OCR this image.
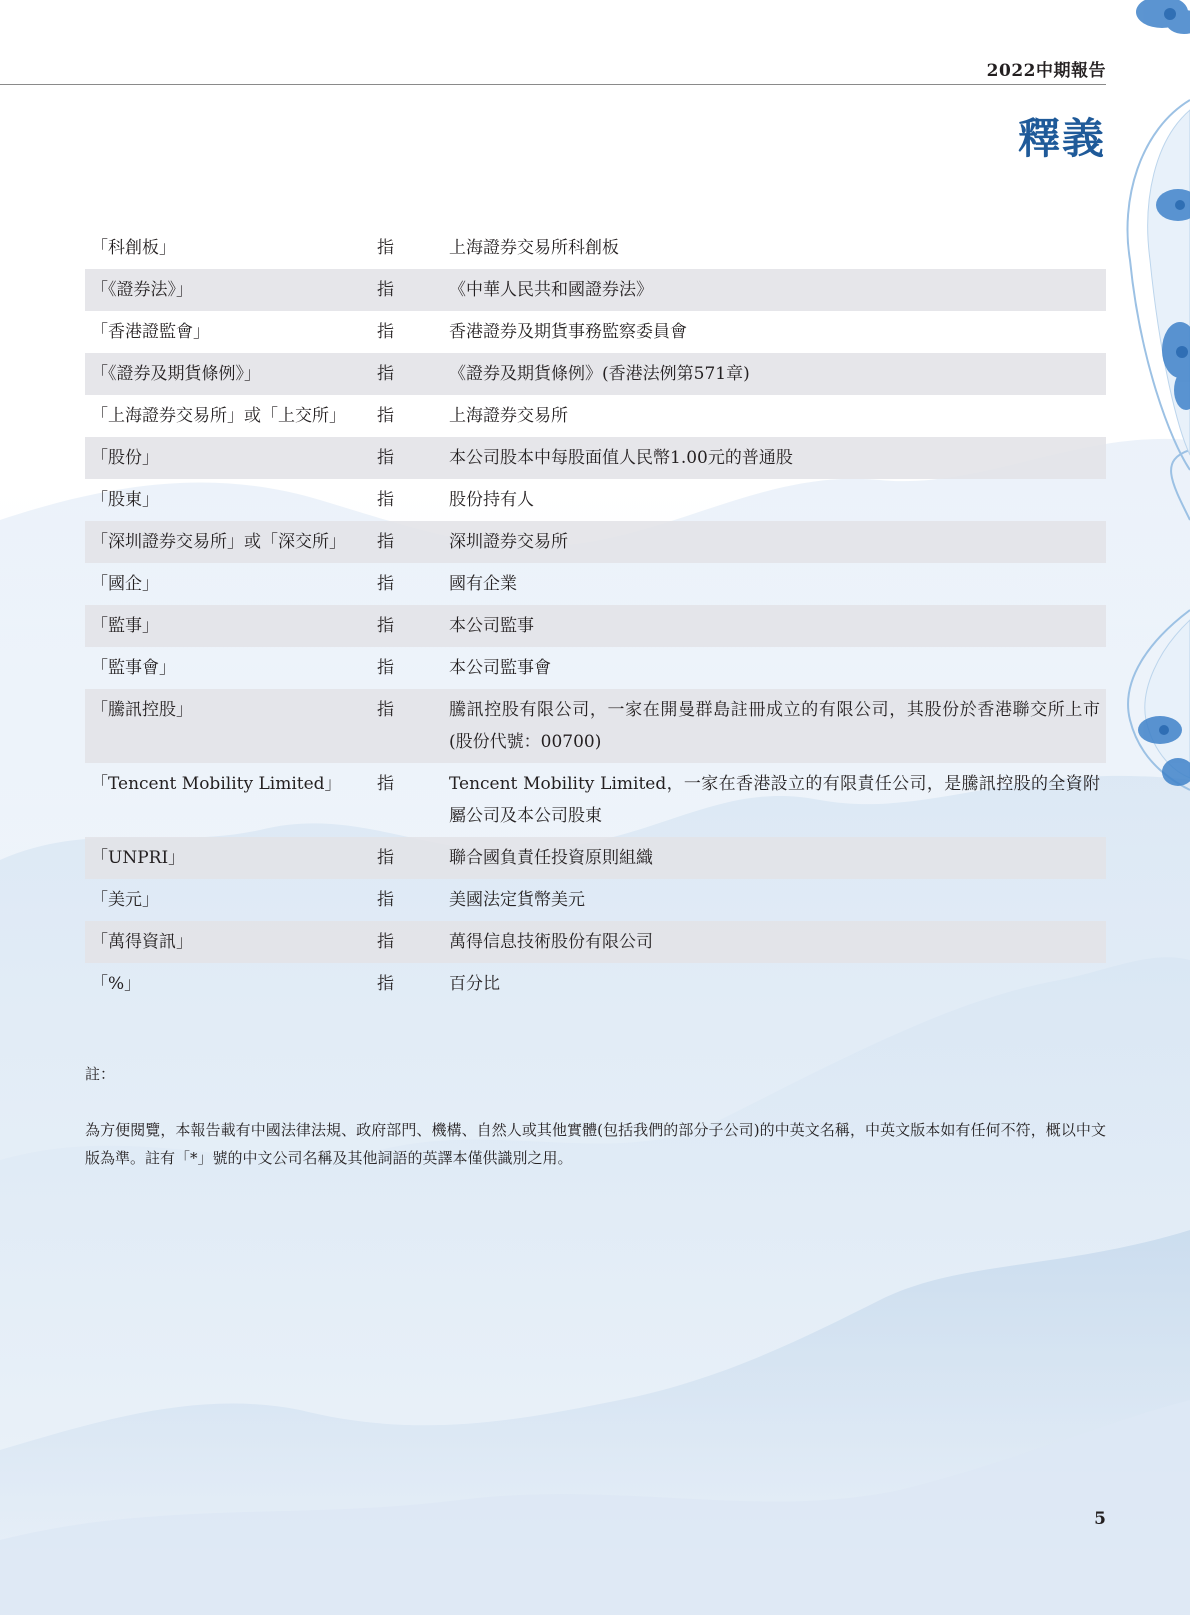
2022中期報告
釋義
「科創板」	指	上海證券交易所科創板
「《證券法》」	指	《中華人民共和國證券法》
「香港證監會」	指	香港證券及期貨事務監察委員會
「《證券及期貨條例》」	指	《證券及期貨條例》(香港法例第571章)
「上海證券交易所」或「上交所」	指	上海證券交易所
「股份」	指	本公司股本中每股面值人民幣1.00元的普通股
「股東」	指	股份持有人
「深圳證券交易所」或「深交所」	指	深圳證券交易所
「國企」	指	國有企業
「監事」	指	本公司監事
「監事會」	指	本公司監事會
「騰訊控股」	指	騰訊控股有限公司，一家在開曼群島註冊成立的有限公司，其股份於香港聯交所上市(股份代號：00700)
「Tencent Mobility Limited」	指	Tencent Mobility Limited，一家在香港設立的有限責任公司，是騰訊控股的全資附屬公司及本公司股東
「UNPRI」	指	聯合國負責任投資原則組織
「美元」	指	美國法定貨幣美元
「萬得資訊」	指	萬得信息技術股份有限公司
「%」	指	百分比
註：
為方便閱覽，本報告載有中國法律法規、政府部門、機構、自然人或其他實體(包括我們的部分子公司)的中英文名稱，中英文版本如有任何不符，概以中文版為準。註有「*」號的中文公司名稱及其他詞語的英譯本僅供識別之用。
5
